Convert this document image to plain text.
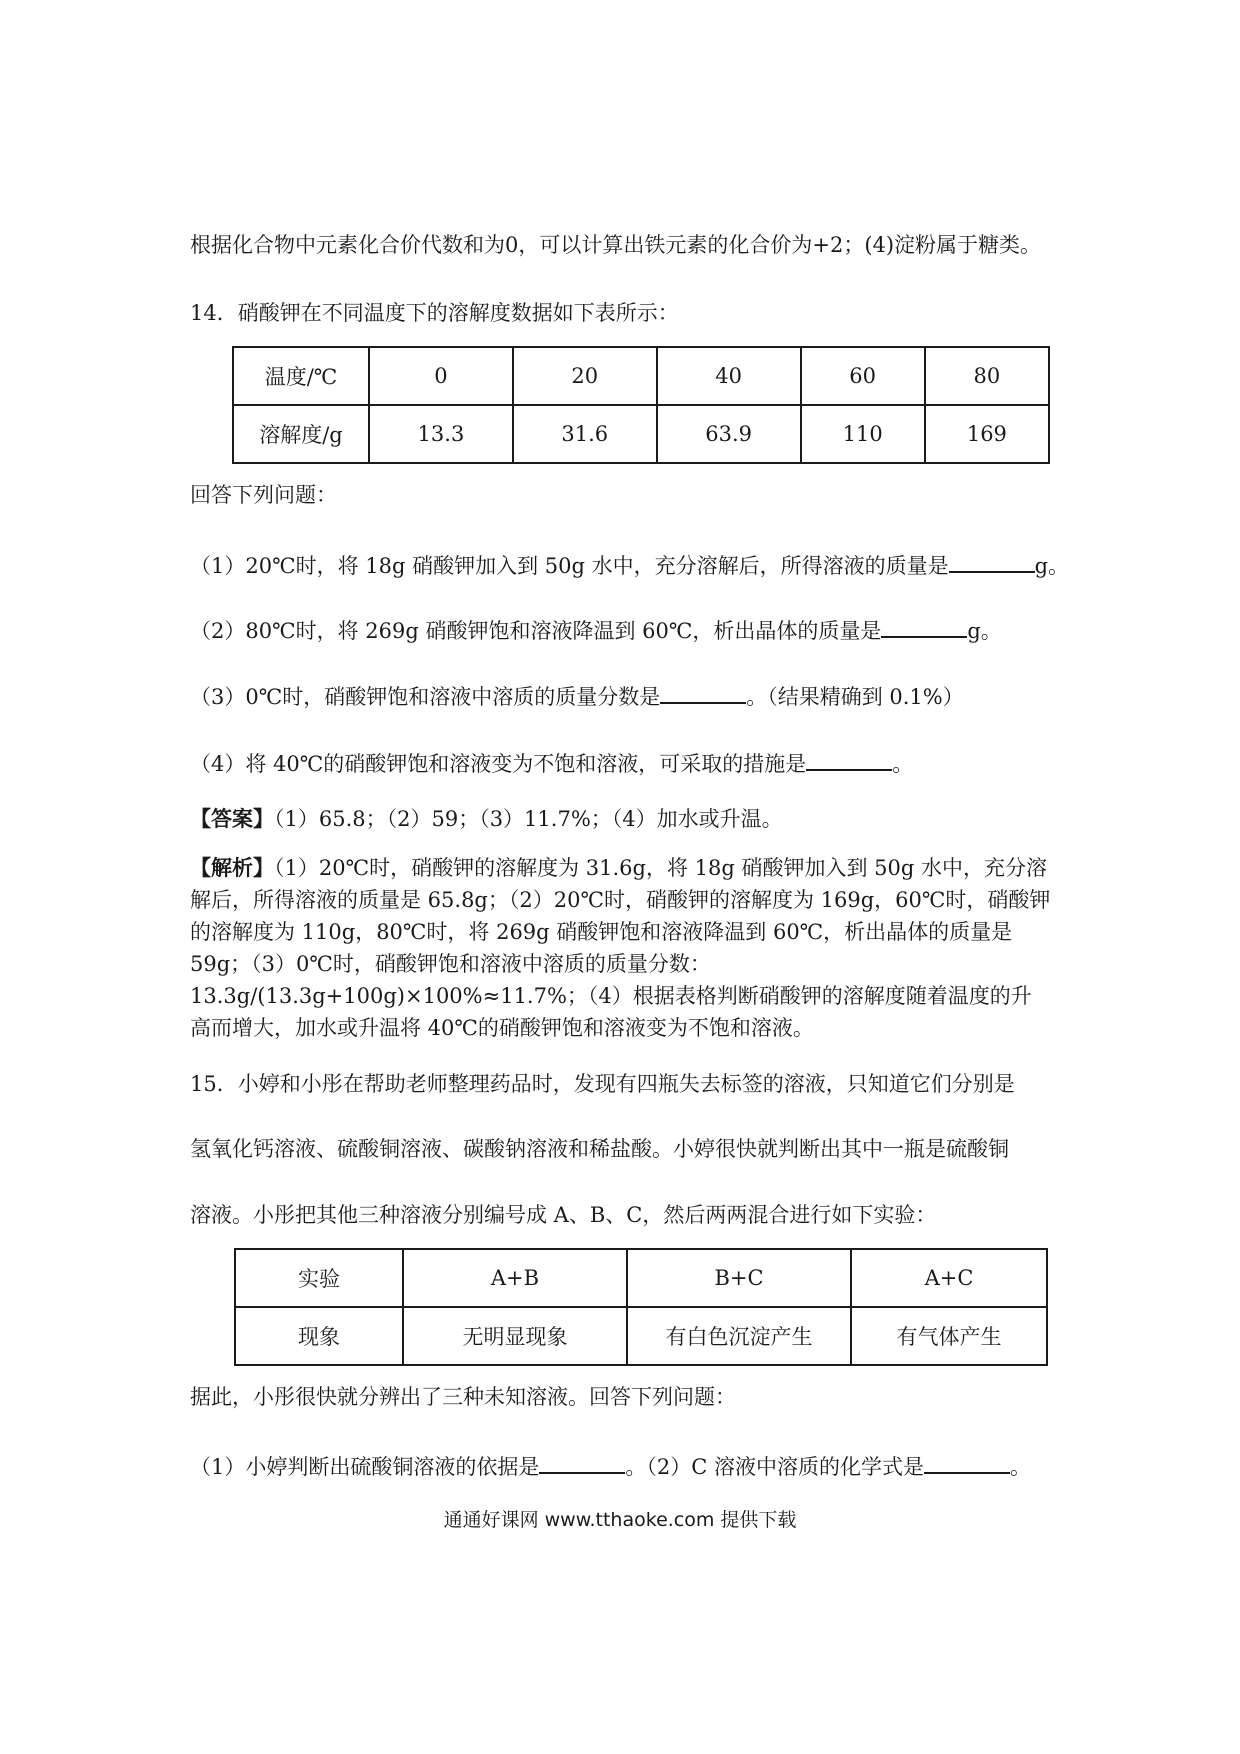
根据化合物中元素化合价代数和为0，可以计算出铁元素的化合价为+2；(4)淀粉属于糖类。
14．硝酸钾在不同温度下的溶解度数据如下表所示：
温度/℃	0	20	40	60	80
溶解度/g	13.3	31.6	63.9	110	169
回答下列问题：
（1）20℃时，将 18g 硝酸钾加入到 50g 水中，充分溶解后，所得溶液的质量是	g。
（2）80℃时，将 269g 硝酸钾饱和溶液降温到 60℃，析出晶体的质量是	g。
（3）0℃时，硝酸钾饱和溶液中溶质的质量分数是	。（结果精确到 0.1%）
（4）将 40℃的硝酸钾饱和溶液变为不饱和溶液，可采取的措施是	。
【答案】（1）65.8；（2）59；（3）11.7%；（4）加水或升温。
【解析】（1）20℃时，硝酸钾的溶解度为 31.6g，将 18g 硝酸钾加入到 50g 水中，充分溶解后，所得溶液的质量是 65.8g；（2）20℃时，硝酸钾的溶解度为 169g，60℃时，硝酸钾的溶解度为 110g，80℃时，将 269g 硝酸钾饱和溶液降温到 60℃，析出晶体的质量是 59g；（3）0℃时，硝酸钾饱和溶液中溶质的质量分数：13.3g/(13.3g+100g)×100%≈11.7%；（4）根据表格判断硝酸钾的溶解度随着温度的升高而增大，加水或升温将 40℃的硝酸钾饱和溶液变为不饱和溶液。
15．小婷和小彤在帮助老师整理药品时，发现有四瓶失去标签的溶液，只知道它们分别是
氢氧化钙溶液、硫酸铜溶液、碳酸钠溶液和稀盐酸。小婷很快就判断出其中一瓶是硫酸铜
溶液。小彤把其他三种溶液分别编号成 A、B、C，然后两两混合进行如下实验：
实验	A+B	B+C	A+C
现象	无明显现象	有白色沉淀产生	有气体产生
据此，小彤很快就分辨出了三种未知溶液。回答下列问题：
（1）小婷判断出硫酸铜溶液的依据是	。（2）C 溶液中溶质的化学式是	。
通通好课网 www.tthaoke.com 提供下载
